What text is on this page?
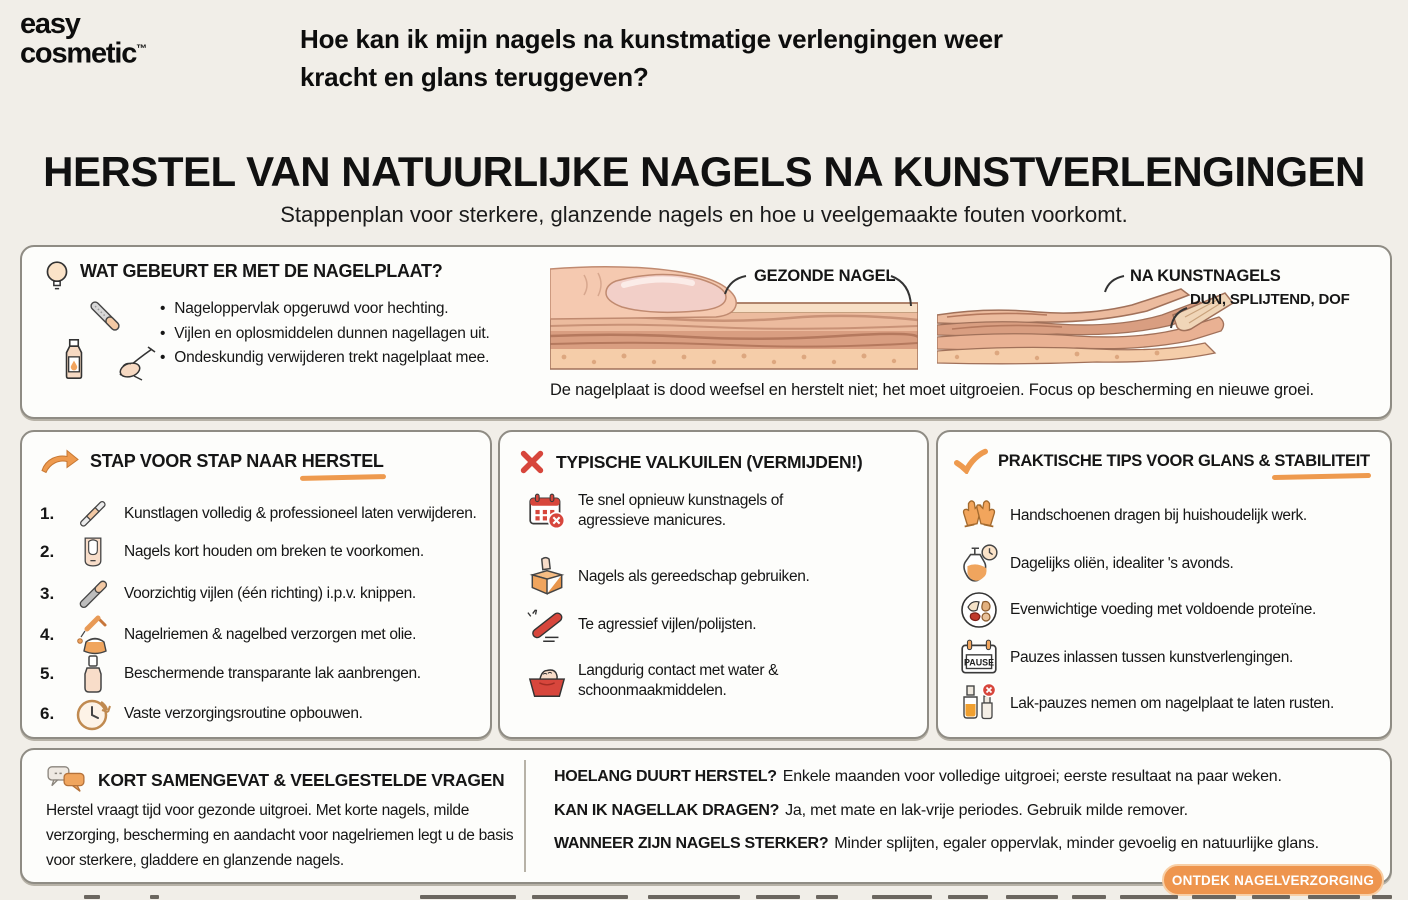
easy
cosmetic™	Hoe kan ik mijn nagels na kunstmatige verlengingen weer
kracht en glans teruggeven?
HERSTEL VAN NATUURLIJKE NAGELS NA KUNSTVERLENGINGEN
Stappenplan voor sterkere, glanzende nagels en hoe u veelgemaakte fouten voorkomt.
WAT GEBEURT ER MET DE NAGELPLAAT?
• Nageloppervlak opgeruwd voor hechting.
• Vijlen en oplosmiddelen dunnen nagellagen uit.
• Ondeskundig verwijderen trekt nagelplaat mee.
GEZONDE NAGEL	NA KUNSTNAGELS
DUN, SPLIJTEND, DOF
De nagelplaat is dood weefsel en herstelt niet; het moet uitgroeien. Focus op bescherming en nieuwe groei.
STAP VOOR STAP NAAR HERSTEL
1.	Kunstlagen volledig & professioneel laten verwijderen.
2.	Nagels kort houden om breken te voorkomen.
3.	Voorzichtig vijlen (één richting) i.p.v. knippen.
4.	Nagelriemen & nagelbed verzorgen met olie.
5.	Beschermende transparante lak aanbrengen.
6.	Vaste verzorgingsroutine opbouwen.
TYPISCHE VALKUILEN (VERMIJDEN!)
Te snel opnieuw kunstnagels of agressieve manicures.
Nagels als gereedschap gebruiken.
Te agressief vijlen/polijsten.
Langdurig contact met water & schoonmaakmiddelen.
PRAKTISCHE TIPS VOOR GLANS & STABILITEIT
Handschoenen dragen bij huishoudelijk werk.
Dagelijks oliën, idealiter 's avonds.
Evenwichtige voeding met voldoende proteïne.
PAUSE Pauzes inlassen tussen kunstverlengingen.
Lak-pauzes nemen om nagelplaat te laten rusten.
KORT SAMENGEVAT & VEELGESTELDE VRAGEN
Herstel vraagt tijd voor gezonde uitgroei. Met korte nagels, milde verzorging, bescherming en aandacht voor nagelriemen legt u de basis voor sterkere, gladdere en glanzende nagels.
HOELANG DUURT HERSTEL? Enkele maanden voor volledige uitgroei; eerste resultaat na paar weken.
KAN IK NAGELLAK DRAGEN? Ja, met mate en lak-vrije periodes. Gebruik milde remover.
WANNEER ZIJN NAGELS STERKER? Minder splijten, egaler oppervlak, minder gevoelig en natuurlijke glans.
ONTDEK NAGELVERZORGING
